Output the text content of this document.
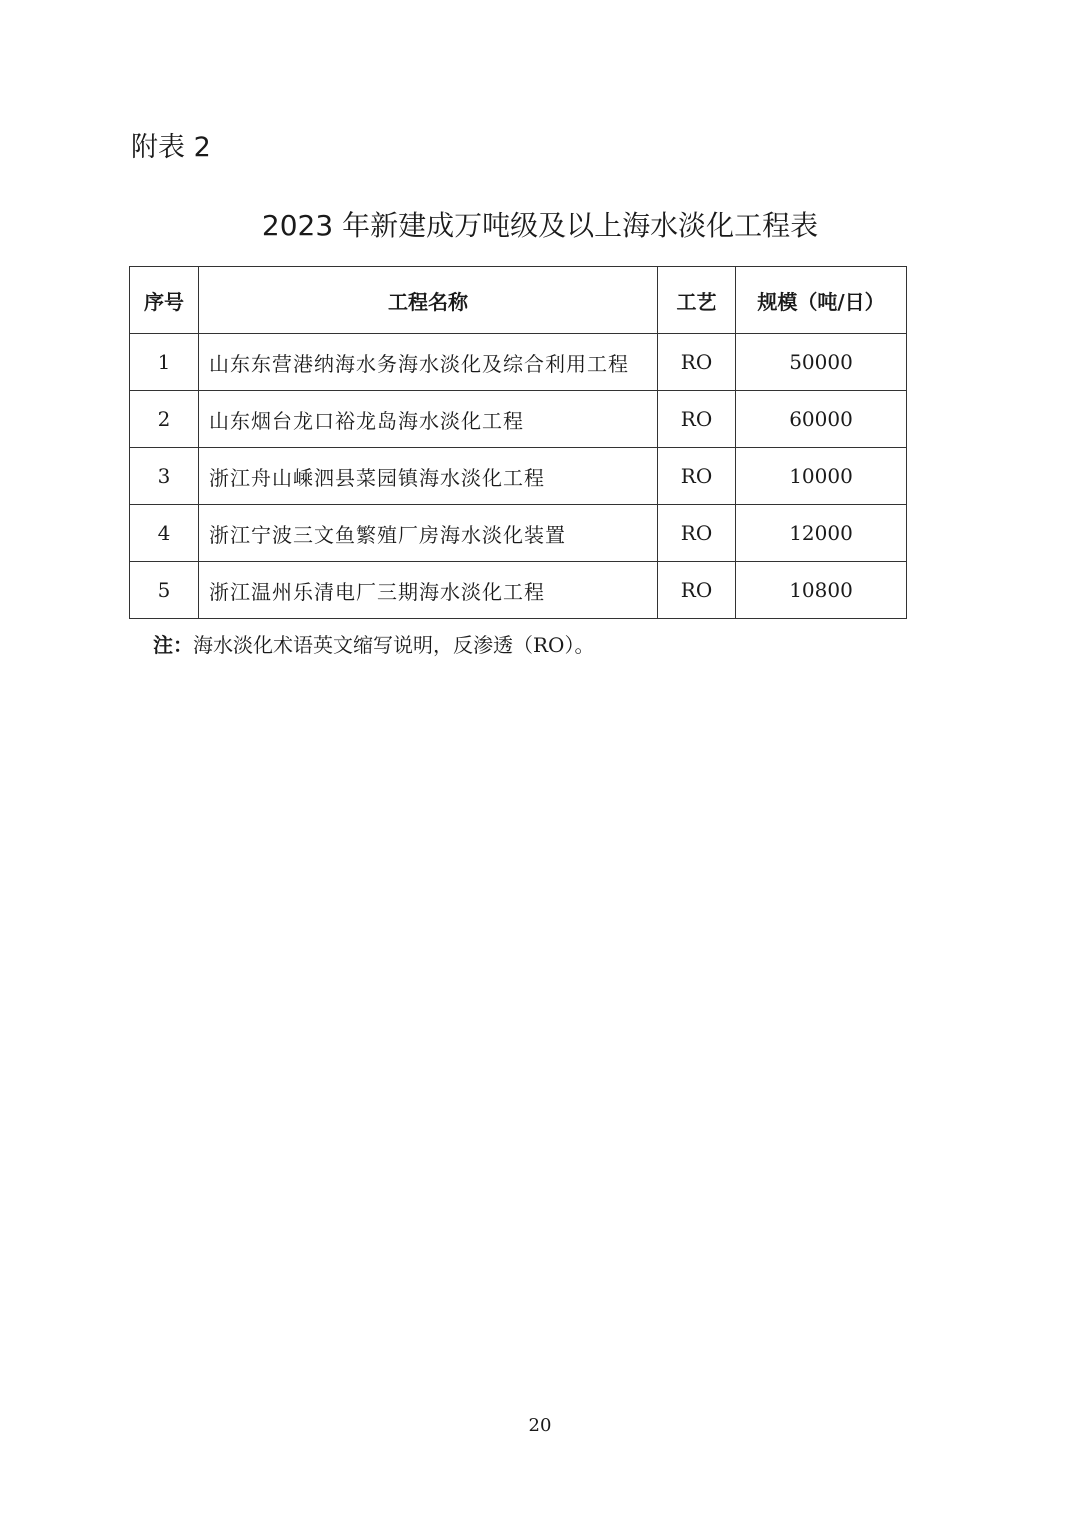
附表 2
2023 年新建成万吨级及以上海水淡化工程表
序号	工程名称	工艺	规模（吨/日）
1	山东东营港纳海水务海水淡化及综合利用工程	RO	50000
2	山东烟台龙口裕龙岛海水淡化工程	RO	60000
3	浙江舟山嵊泗县菜园镇海水淡化工程	RO	10000
4	浙江宁波三文鱼繁殖厂房海水淡化装置	RO	12000
5	浙江温州乐清电厂三期海水淡化工程	RO	10800
注：海水淡化术语英文缩写说明，反渗透（RO）。
20
